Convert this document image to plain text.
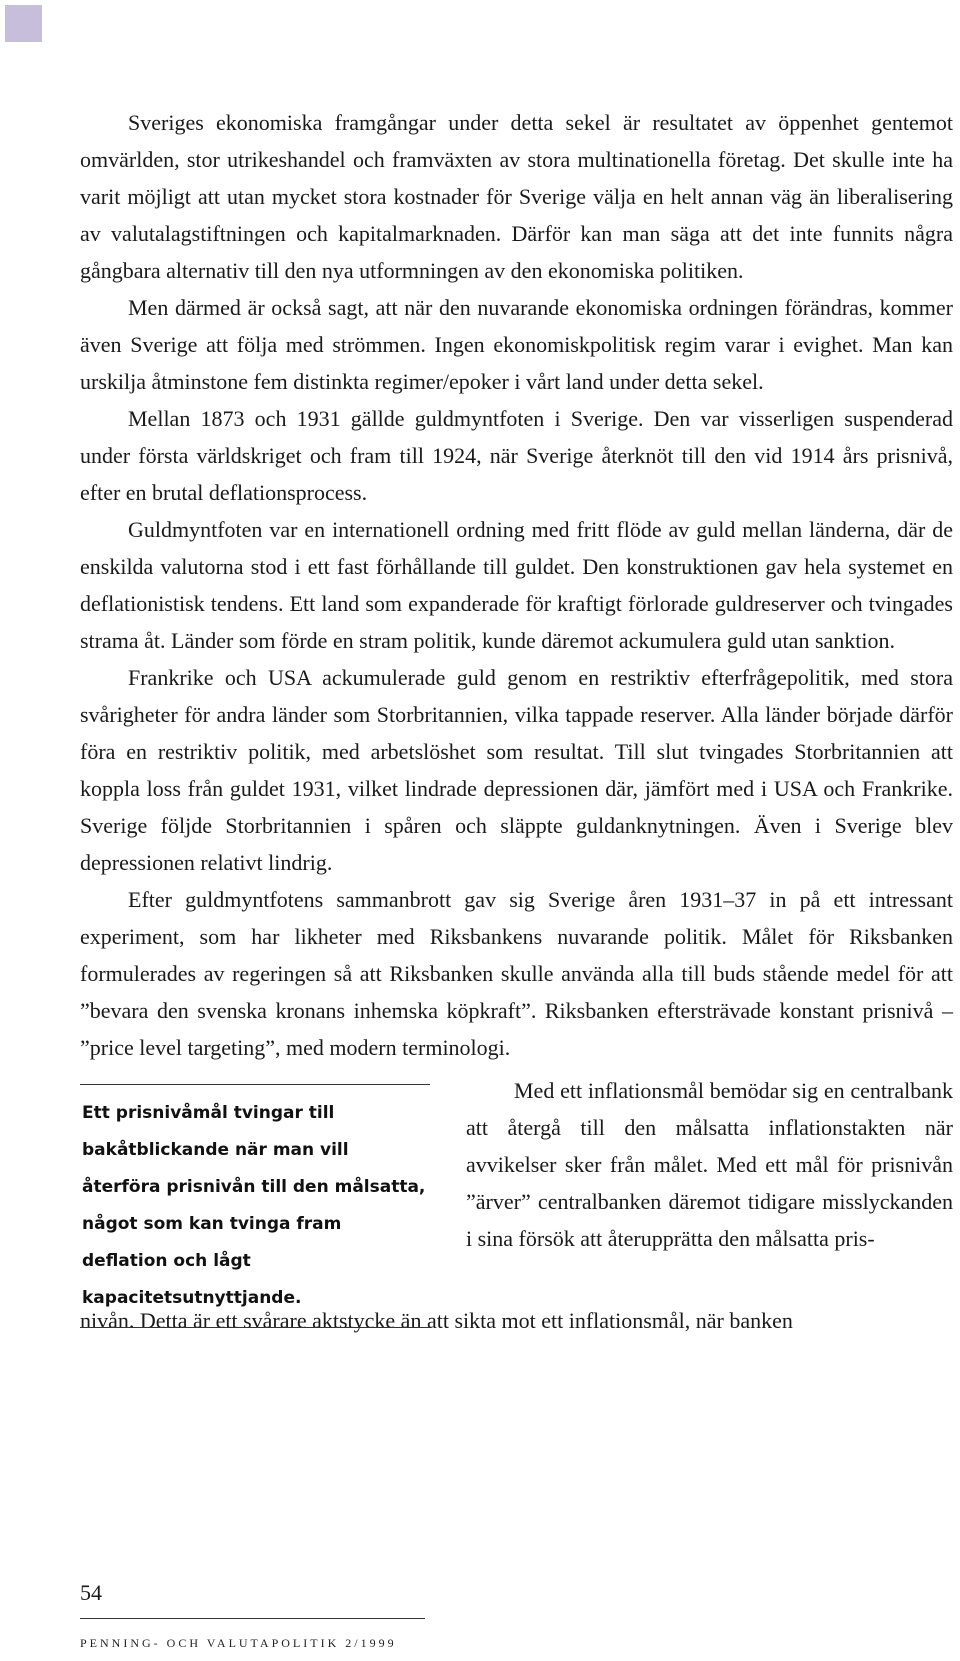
Sveriges ekonomiska framgångar under detta sekel är resultatet av öppenhet gentemot omvärlden, stor utrikeshandel och framväxten av stora multinationella företag. Det skulle inte ha varit möjligt att utan mycket stora kostnader för Sverige välja en helt annan väg än liberalisering av valutalagstiftningen och kapitalmarknaden. Därför kan man säga att det inte funnits några gångbara alternativ till den nya utformningen av den ekonomiska politiken.

Men därmed är också sagt, att när den nuvarande ekonomiska ordningen förändras, kommer även Sverige att följa med strömmen. Ingen ekonomiskpolitisk regim varar i evighet. Man kan urskilja åtminstone fem distinkta regimer/epoker i vårt land under detta sekel.

Mellan 1873 och 1931 gällde guldmyntfoten i Sverige. Den var visserligen suspenderad under första världskriget och fram till 1924, när Sverige återknöt till den vid 1914 års prisnivå, efter en brutal deflationsprocess.

Guldmyntfoten var en internationell ordning med fritt flöde av guld mellan länderna, där de enskilda valutorna stod i ett fast förhållande till guldet. Den konstruktionen gav hela systemet en deflationistisk tendens. Ett land som expanderade för kraftigt förlorade guldreserver och tvingades strama åt. Länder som förde en stram politik, kunde däremot ackumulera guld utan sanktion.

Frankrike och USA ackumulerade guld genom en restriktiv efterfrågepolitik, med stora svårigheter för andra länder som Storbritannien, vilka tappade reserver. Alla länder började därför föra en restriktiv politik, med arbetslöshet som resultat. Till slut tvingades Storbritannien att koppla loss från guldet 1931, vilket lindrade depressionen där, jämfört med i USA och Frankrike. Sverige följde Storbritannien i spåren och släppte guldanknytningen. Även i Sverige blev depressionen relativt lindrig.

Efter guldmyntfotens sammanbrott gav sig Sverige åren 1931–37 in på ett intressant experiment, som har likheter med Riksbankens nuvarande politik. Målet för Riksbanken formulerades av regeringen så att Riksbanken skulle använda alla till buds stående medel för att ”bevara den svenska kronans inhemska köpkraft”. Riksbanken eftersträvade konstant prisnivå – ”price level targeting”, med modern terminologi.

Ett prisnivåmål tvingar till bakåtblickande när man vill återföra prisnivån till den målsatta, något som kan tvinga fram deflation och lågt kapacitetsutnyttjande.

Med ett inflationsmål bemödar sig en centralbank att återgå till den målsatta inflationstakten när avvikelser sker från målet. Med ett mål för prisnivån ”ärver” centralbanken däremot tidigare misslyckanden i sina försök att återupprätta den målsatta pris-

nivån. Detta är ett svårare aktstycke än att sikta mot ett inflationsmål, när banken

54
PENNING- OCH VALUTAPOLITIK 2/1999
